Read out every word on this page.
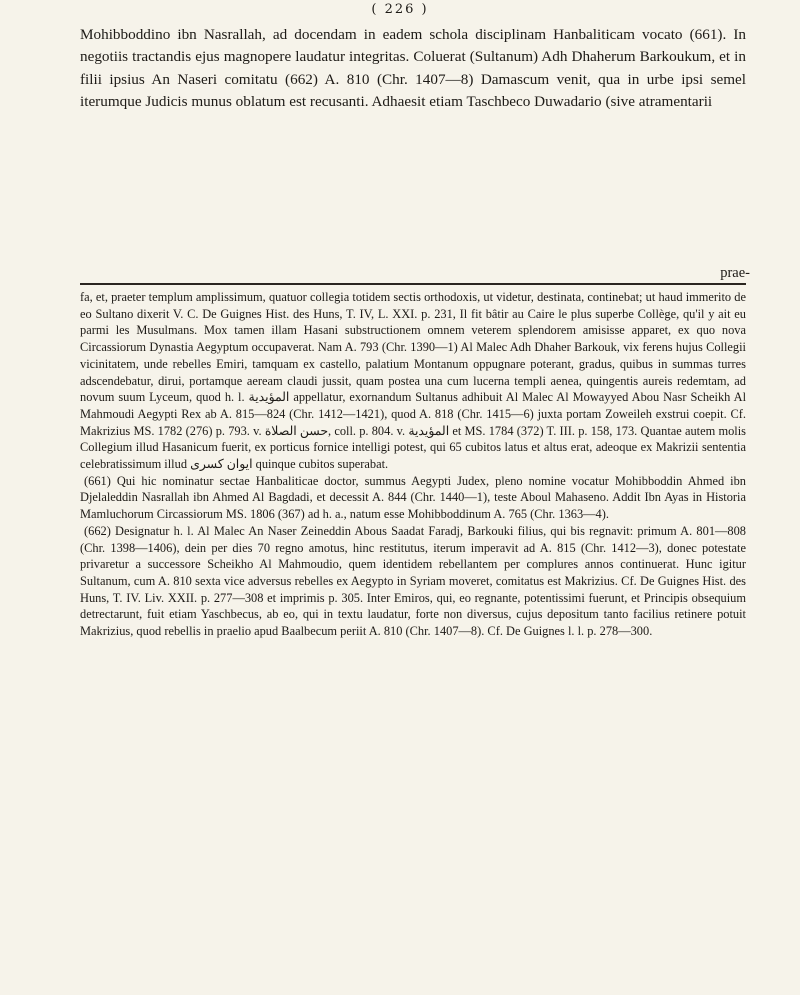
( 226 )

Mohibboddino ibn Nasrallah, ad docendam in eadem schola disciplinam Hanbaliticam vocato (661). In negotiis tractandis ejus magnopere laudatur integritas. Coluerat (Sultanum) Adh Dhaherum Barkoukum, et in filii ipsius An Naseri comitatu (662) A. 810 (Chr. 1407—8) Damascum venit, qua in urbe ipsi semel iterumque Judicis munus oblatum est recusanti. Adhaesit etiam Taschbeco Duwadario (sive atramentarii

prae-

fa, et, praeter templum amplissimum, quatuor collegia totidem sectis orthodoxis, ut videtur, destinata, continebat; ut haud immerito de eo Sultano dixerit V. C. De Guignes Hist. des Huns, T. IV, L. XXI. p. 231, Il fit bâtir au Caire le plus superbe Collège, qu'il y ait eu parmi les Musulmans. Mox tamen illam Hasani substructionem omnem veterem splendorem amisisse apparet, ex quo nova Circassiorum Dynastia Aegyptum occupaverat. Nam A. 793 (Chr. 1390—1) Al Malec Adh Dhaher Barkouk, vix ferens hujus Collegii vicinitatem, unde rebelles Emiri, tamquam ex castello, palatium Montanum oppugnare poterant, gradus, quibus in summas turres adscendebatur, dirui, portamque aeream claudi jussit, quam postea una cum lucerna templi aenea, quingentis aureis redemtam, ad novum suum Lyceum, quod h. l. المؤيدية appellatur, exornandum Sultanus adhibuit Al Malec Al Mowayyed Abou Nasr Scheikh Al Mahmoudi Aegypti Rex ab A. 815—824 (Chr. 1412—1421), quod A. 818 (Chr. 1415—6) juxta portam Zoweileh exstrui coepit. Cf. Makrizius MS. 1782 (276) p. 793. v. حسن الصلاة, coll. p. 804. v. المؤيدية et MS. 1784 (372) T. III. p. 158, 173. Quantae autem molis Collegium illud Hasanicum fuerit, ex porticus fornice intelligi potest, qui 65 cubitos latus et altus erat, adeoque ex Makrizii sententia celebratissimum illud ايوان كسرى quinque cubitos superabat.

(661) Qui hic nominatur sectae Hanbaliticae doctor, summus Aegypti Judex, pleno nomine vocatur Mohibboddin Ahmed ibn Djelaleddin Nasrallah ibn Ahmed Al Bagdadi, et decessit A. 844 (Chr. 1440—1), teste Aboul Mahaseno. Addit Ibn Ayas in Historia Mamluchorum Circassiorum MS. 1806 (367) ad h. a., natum esse Mohibboddinum A. 765 (Chr. 1363—4).

(662) Designatur h. l. Al Malec An Naser Zeineddin Abous Saadat Faradj, Barkouki filius, qui bis regnavit: primum A. 801—808 (Chr. 1398—1406), dein per dies 70 regno amotus, hinc restitutus, iterum imperavit ad A. 815 (Chr. 1412—3), donec potestate privaretur a successore Scheikho Al Mahmoudio, quem identidem rebellantem per complures annos continuerat. Hunc igitur Sultanum, cum A. 810 sexta vice adversus rebelles ex Aegypto in Syriam moveret, comitatus est Makrizius. Cf. De Guignes Hist. des Huns, T. IV. Liv. XXII. p. 277—308 et imprimis p. 305. Inter Emiros, qui, eo regnante, potentissimi fuerunt, et Principis obsequium detrectarunt, fuit etiam Yaschbecus, ab eo, qui in textu laudatur, forte non diversus, cujus depositum tanto facilius retinere potuit Makrizius, quod rebellis in praelio apud Baalbecum periit A. 810 (Chr. 1407—8). Cf. De Guignes l. l. p. 278—300.
